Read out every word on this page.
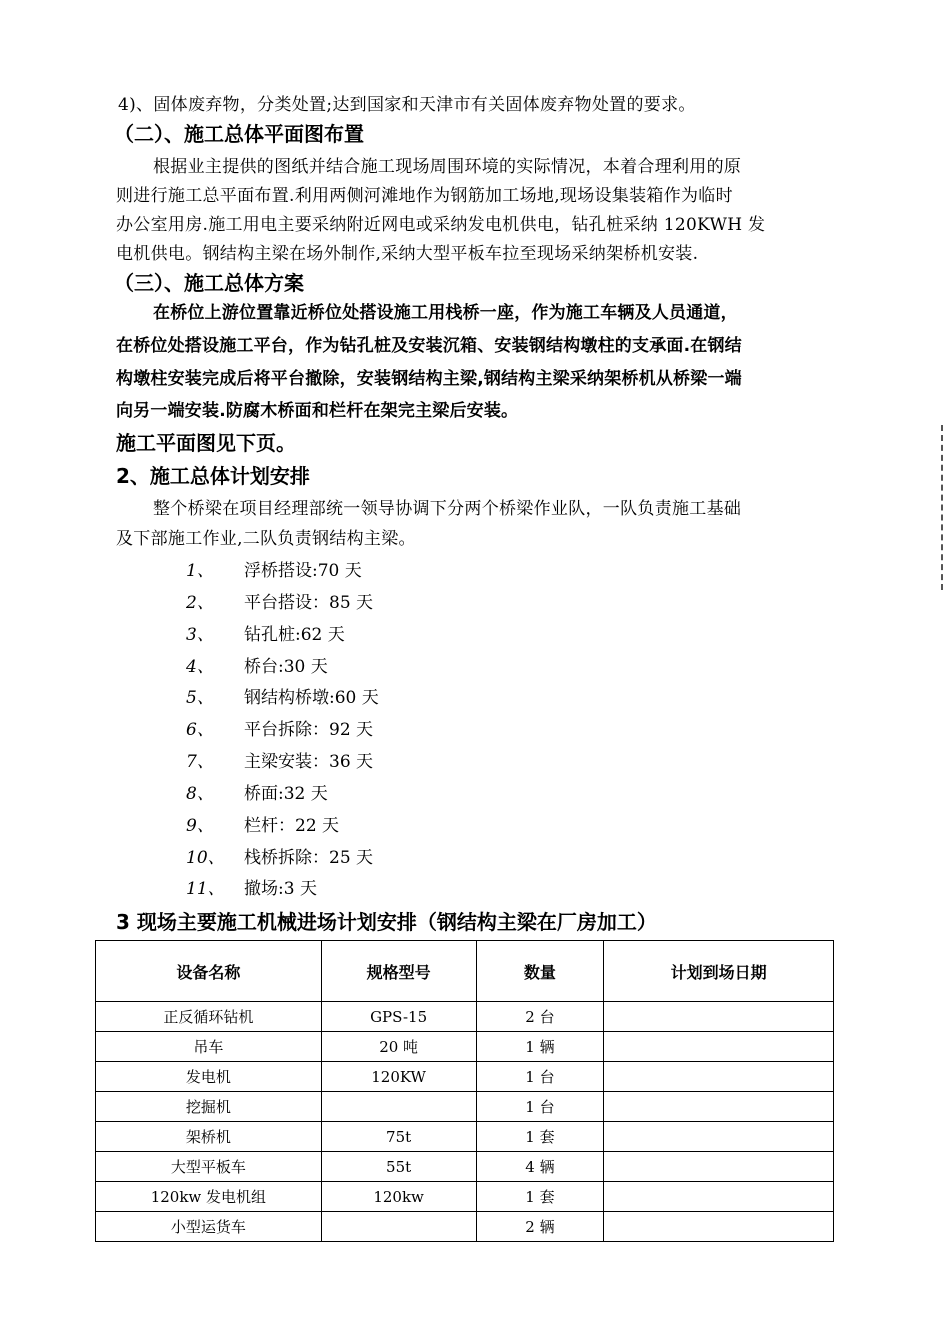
4)、固体废弃物，分类处置;达到国家和天津市有关固体废弃物处置的要求。
（二）、施工总体平面图布置
根据业主提供的图纸并结合施工现场周围环境的实际情况，本着合理利用的原
则进行施工总平面布置.利用两侧河滩地作为钢筋加工场地,现场设集装箱作为临时
办公室用房.施工用电主要采纳附近网电或采纳发电机供电，钻孔桩采纳 120KWH 发
电机供电。钢结构主梁在场外制作,采纳大型平板车拉至现场采纳架桥机安装.
（三）、施工总体方案
在桥位上游位置靠近桥位处搭设施工用栈桥一座，作为施工车辆及人员通道，
在桥位处搭设施工平台，作为钻孔桩及安装沉箱、安装钢结构墩柱的支承面.在钢结
构墩柱安装完成后将平台撤除，安装钢结构主梁,钢结构主梁采纳架桥机从桥梁一端
向另一端安装.防腐木桥面和栏杆在架完主梁后安装。
施工平面图见下页。
2、施工总体计划安排
整个桥梁在项目经理部统一领导协调下分两个桥梁作业队，一队负责施工基础
及下部施工作业,二队负责钢结构主梁。
1、 浮桥搭设:70 天
2、 平台搭设：85 天
3、 钻孔桩:62 天
4、 桥台:30 天
5、 钢结构桥墩:60 天
6、 平台拆除：92 天
7、 主梁安装：36 天
8、 桥面:32 天
9、 栏杆：22 天
10、 栈桥拆除：25 天
11、 撤场:3 天
3 现场主要施工机械进场计划安排（钢结构主梁在厂房加工）
设备名称	规格型号	数量	计划到场日期
正反循环钻机	GPS-15	2 台	
吊车	20 吨	1 辆	
发电机	120KW	1 台	
挖掘机		1 台	
架桥机	75t	1 套	
大型平板车	55t	4 辆	
120kw 发电机组	120kw	1 套	
小型运货车		2 辆	
